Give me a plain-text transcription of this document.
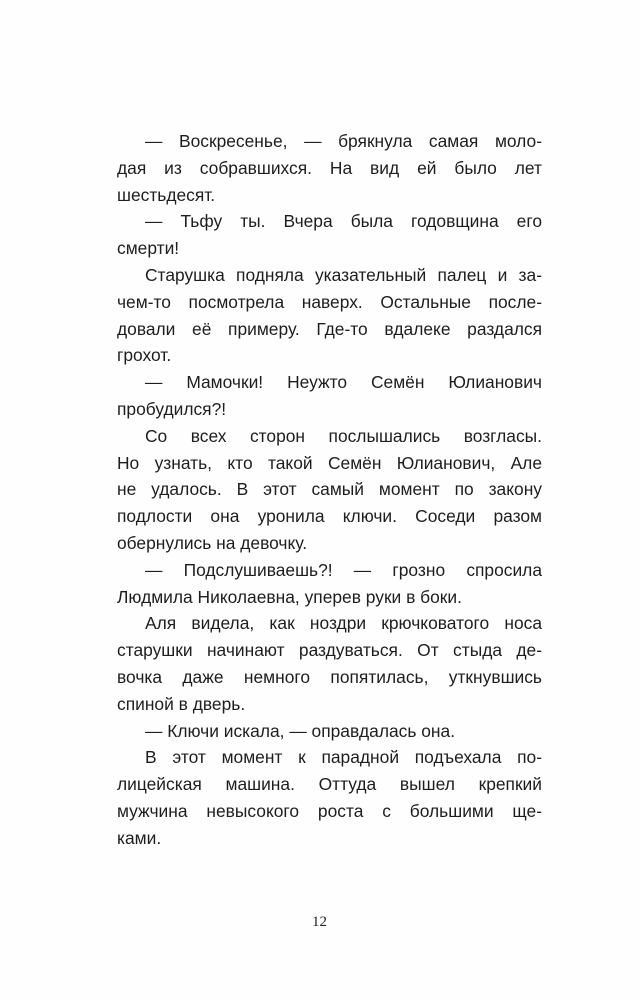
— Воскресенье, — брякнула самая моло-
дая из собравшихся. На вид ей было лет
шестьдесят.
— Тьфу ты. Вчера была годовщина его
смерти!
Старушка подняла указательный палец и за-
чем-то посмотрела наверх. Остальные после-
довали её примеру. Где-то вдалеке раздался
грохот.
— Мамочки! Неужто Семён Юлианович
пробудился?!
Со всех сторон послышались возгласы.
Но узнать, кто такой Семён Юлианович, Але
не удалось. В этот самый момент по закону
подлости она уронила ключи. Соседи разом
обернулись на девочку.
— Подслушиваешь?! — грозно спросила
Людмила Николаевна, уперев руки в боки.
Аля видела, как ноздри крючковатого носа
старушки начинают раздуваться. От стыда де-
вочка даже немного попятилась, уткнувшись
спиной в дверь.
— Ключи искала, — оправдалась она.
В этот момент к парадной подъехала по-
лицейская машина. Оттуда вышел крепкий
мужчина невысокого роста с большими ще-
ками.
12
